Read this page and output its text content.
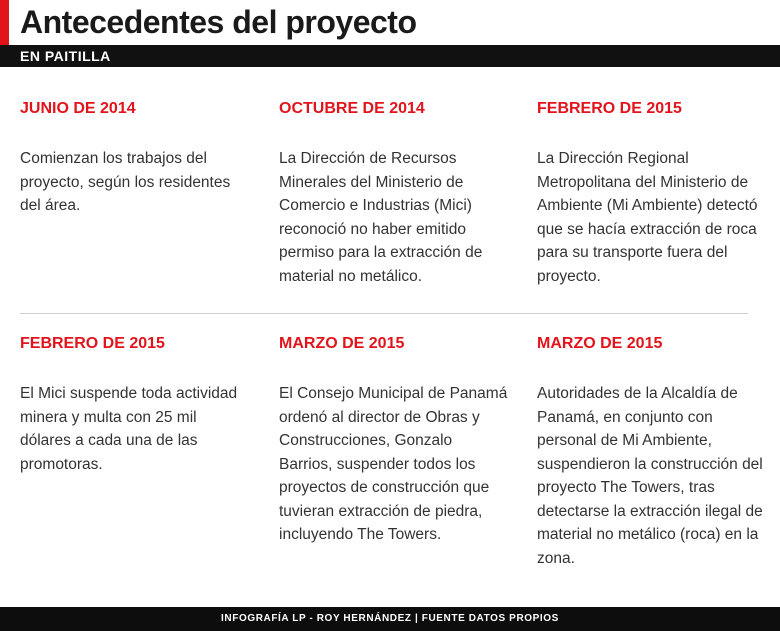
Antecedentes del proyecto
EN PAITILLA
JUNIO DE 2014

Comienzan los trabajos del proyecto, según los residentes del área.

OCTUBRE DE 2014

La Dirección de Recursos Minerales del Ministerio de Comercio e Industrias (Mici) reconoció no haber emitido permiso para la extracción de material no metálico.

FEBRERO DE 2015

La Dirección Regional Metropolitana del Ministerio de Ambiente (Mi Ambiente) detectó que se hacía extracción de roca para su transporte fuera del proyecto.

FEBRERO DE 2015

El Mici suspende toda actividad minera y multa con 25 mil dólares a cada una de las promotoras.

MARZO DE 2015

El Consejo Municipal de Panamá ordenó al director de Obras y Construcciones, Gonzalo Barrios, suspender todos los proyectos de construcción que tuvieran extracción de piedra, incluyendo The Towers.

MARZO DE 2015

Autoridades de la Alcaldía de Panamá, en conjunto con personal de Mi Ambiente, suspendieron la construcción del proyecto The Towers, tras detectarse la extracción ilegal de material no metálico (roca) en la zona.

INFOGRAFÍA LP - ROY HERNÁNDEZ | FUENTE DATOS PROPIOS
